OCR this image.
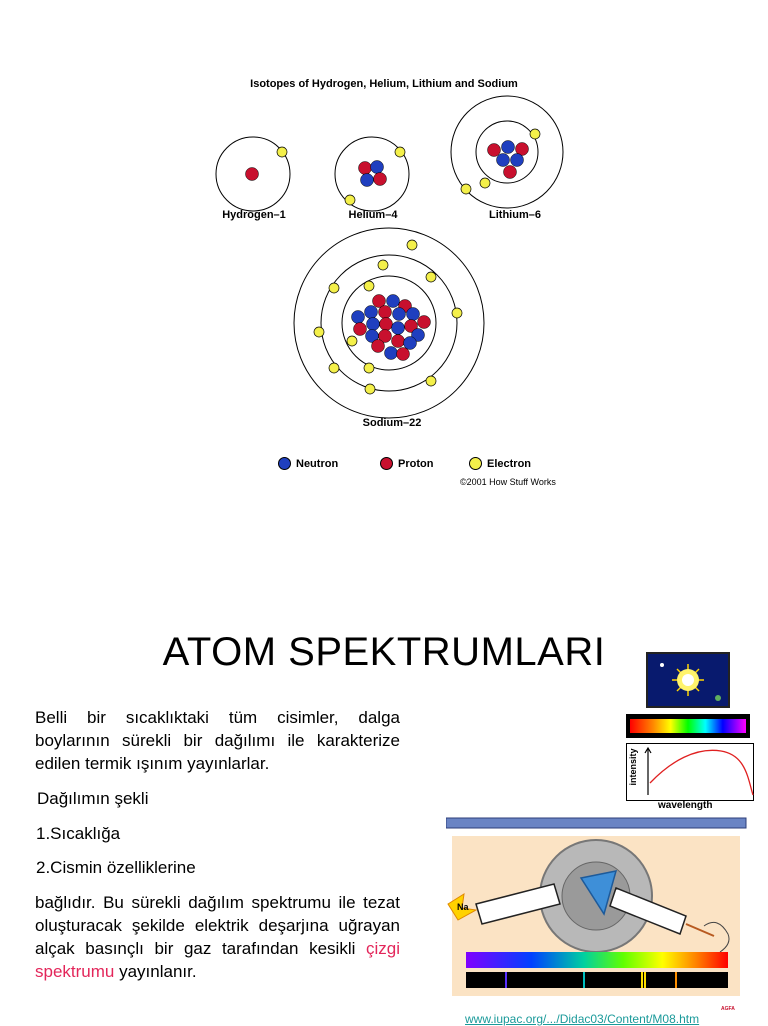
Isotopes of Hydrogen, Helium, Lithium and Sodium
Hydrogen–1	Helium–4	Lithium–6
Sodium–22
Neutron	Proton	Electron
©2001 How Stuff Works
ATOM SPEKTRUMLARI
Belli bir sıcaklıktaki tüm cisimler, dalga boylarının sürekli bir dağılımı ile karakterize edilen termik ışınım yayınlarlar.
Dağılımın şekli
1.Sıcaklığa
2.Cismin özelliklerine
bağlıdır. Bu sürekli dağılım spektrumu ile tezat oluşturacak şekilde elektrik deşarjına uğrayan alçak basınçlı bir gaz tarafından kesikli çizgi spektrumu yayınlanır.
intensity
wavelength
Na
AGFA
www.iupac.org/.../Didac03/Content/M08.htm
